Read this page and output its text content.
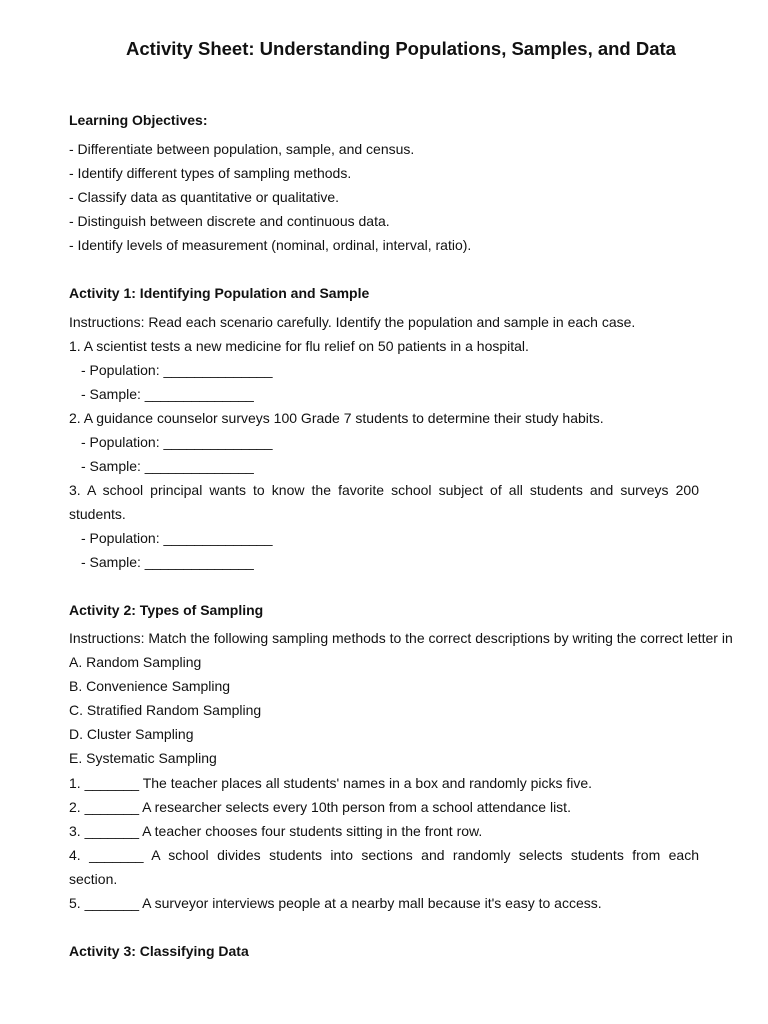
Activity Sheet: Understanding Populations, Samples, and Data
Learning Objectives:
- Differentiate between population, sample, and census.
- Identify different types of sampling methods.
- Classify data as quantitative or qualitative.
- Distinguish between discrete and continuous data.
- Identify levels of measurement (nominal, ordinal, interval, ratio).
Activity 1: Identifying Population and Sample
Instructions: Read each scenario carefully. Identify the population and sample in each case.
1. A scientist tests a new medicine for flu relief on 50 patients in a hospital.
- Population: ______________
- Sample: ______________
2. A guidance counselor surveys 100 Grade 7 students to determine their study habits.
- Population: ______________
- Sample: ______________
3. A school principal wants to know the favorite school subject of all students and surveys 200
students.
- Population: ______________
- Sample: ______________
Activity 2: Types of Sampling
Instructions: Match the following sampling methods to the correct descriptions by writing the correct letter in
A. Random Sampling
B. Convenience Sampling
C. Stratified Random Sampling
D. Cluster Sampling
E. Systematic Sampling
1. _______ The teacher places all students' names in a box and randomly picks five.
2. _______ A researcher selects every 10th person from a school attendance list.
3. _______ A teacher chooses four students sitting in the front row.
4. _______ A school divides students into sections and randomly selects students from each
section.
5. _______ A surveyor interviews people at a nearby mall because it's easy to access.
Activity 3: Classifying Data
